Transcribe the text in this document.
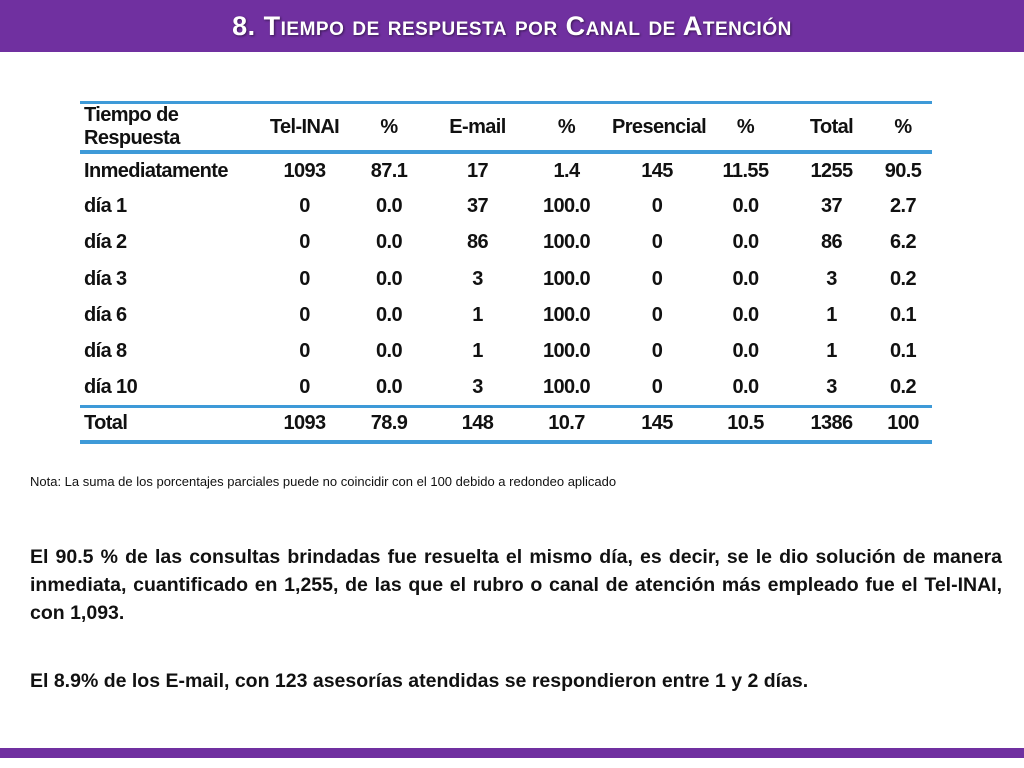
8. Tiempo de respuesta por Canal de Atención
Tiempo de Respuesta	Tel-INAI	%	E-mail	%	Presencial	%	Total	%
Inmediatamente	1093	87.1	17	1.4	145	11.55	1255	90.5
día 1	0	0.0	37	100.0	0	0.0	37	2.7
día 2	0	0.0	86	100.0	0	0.0	86	6.2
día 3	0	0.0	3	100.0	0	0.0	3	0.2
día 6	0	0.0	1	100.0	0	0.0	1	0.1
día 8	0	0.0	1	100.0	0	0.0	1	0.1
día 10	0	0.0	3	100.0	0	0.0	3	0.2
Total	1093	78.9	148	10.7	145	10.5	1386	100

Nota: La suma de los porcentajes parciales puede no coincidir con el 100 debido a redondeo aplicado

El 90.5 % de las consultas brindadas fue resuelta el mismo día, es decir, se le dio solución de manera inmediata, cuantificado en 1,255, de las que el rubro o canal de atención más empleado fue el Tel-INAI, con 1,093.

El 8.9% de los E-mail, con 123 asesorías atendidas se respondieron entre 1 y 2 días.
